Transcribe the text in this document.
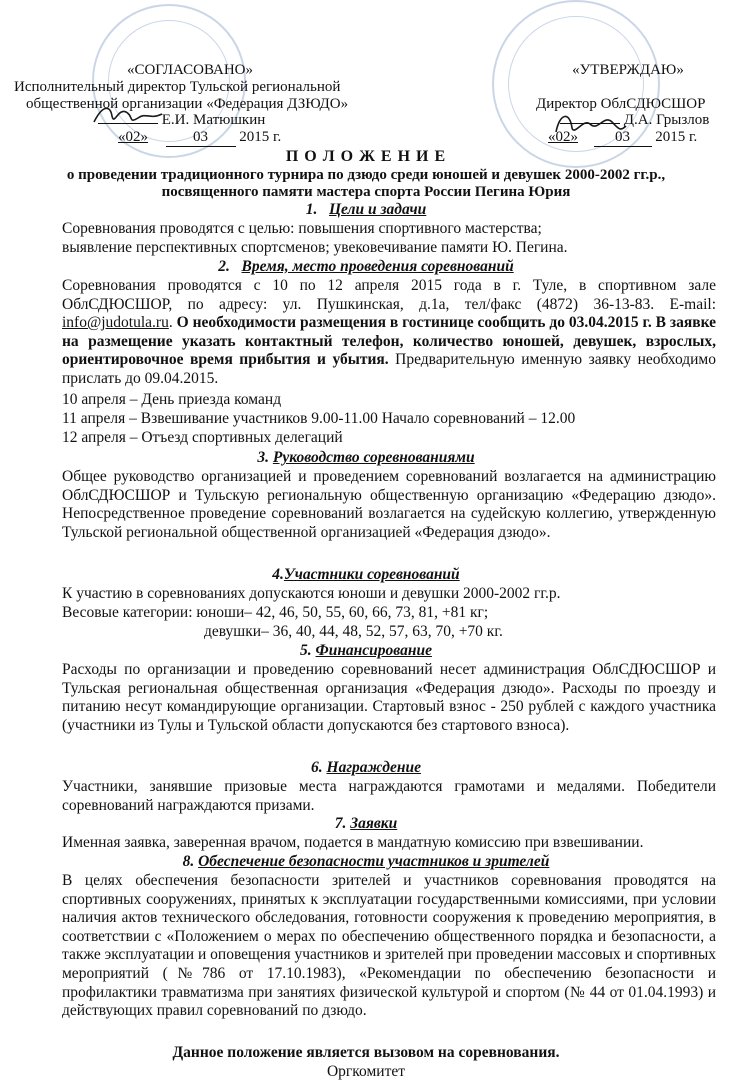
«СОГЛАСОВАНО»
Исполнительный директор Тульской региональной
общественной организации «Федерация ДЗЮДО»
Е.И. Матюшкин
«02»	03 2015 г.
«УТВЕРЖДАЮ»
Директор ОблСДЮСШОР
Д.А. Грызлов
«02» 03 2015 г.
П О Л О Ж Е Н И Е
о проведении традиционного турнира по дзюдо среди юношей и девушек 2000-2002 гг.р.,
посвященного памяти мастера спорта России Пегина Юрия
1. Цели и задачи
Соревнования проводятся с целью: повышения спортивного мастерства;
выявление перспективных спортсменов; увековечивание памяти Ю. Пегина.
2. Время, место проведения соревнований
Соревнования проводятся с 10 по 12 апреля 2015 года в г. Туле, в спортивном зале ОблСДЮСШОР, по адресу: ул. Пушкинская, д.1а, тел/факс (4872) 36-13-83. E-mail: info@judotula.ru. О необходимости размещения в гостинице сообщить до 03.04.2015 г. В заявке на размещение указать контактный телефон, количество юношей, девушек, взрослых, ориентировочное время прибытия и убытия. Предварительную именную заявку необходимо прислать до 09.04.2015.
10 апреля – День приезда команд
11 апреля – Взвешивание участников 9.00-11.00 Начало соревнований – 12.00
12 апреля – Отъезд спортивных делегаций
3. Руководство соревнованиями
Общее руководство организацией и проведением соревнований возлагается на администрацию ОблСДЮСШОР и Тульскую региональную общественную организацию «Федерацию дзюдо». Непосредственное проведение соревнований возлагается на судейскую коллегию, утвержденную Тульской региональной общественной организацией «Федерация дзюдо».
4.Участники соревнований
К участию в соревнованиях допускаются юноши и девушки 2000-2002 гг.р.
Весовые категории: юноши– 42, 46, 50, 55, 60, 66, 73, 81, +81 кг;
девушки– 36, 40, 44, 48, 52, 57, 63, 70, +70 кг.
5. Финансирование
Расходы по организации и проведению соревнований несет администрация ОблСДЮСШОР и Тульская региональная общественная организация «Федерация дзюдо». Расходы по проезду и питанию несут командирующие организации. Стартовый взнос - 250 рублей с каждого участника (участники из Тулы и Тульской области допускаются без стартового взноса).
6. Награждение
Участники, занявшие призовые места награждаются грамотами и медалями. Победители соревнований награждаются призами.
7. Заявки
Именная заявка, заверенная врачом, подается в мандатную комиссию при взвешивании.
8. Обеспечение безопасности участников и зрителей
В целях обеспечения безопасности зрителей и участников соревнования проводятся на спортивных сооружениях, принятых к эксплуатации государственными комиссиями, при условии наличия актов технического обследования, готовности сооружения к проведению мероприятия, в соответствии с «Положением о мерах по обеспечению общественного порядка и безопасности, а также эксплуатации и оповещения участников и зрителей при проведении массовых и спортивных мероприятий (№786 от 17.10.1983), «Рекомендации по обеспечению безопасности и профилактики травматизма при занятиях физической культурой и спортом (№ 44 от 01.04.1993) и действующих правил соревнований по дзюдо.
Данное положение является вызовом на соревнования.
Оргкомитет
